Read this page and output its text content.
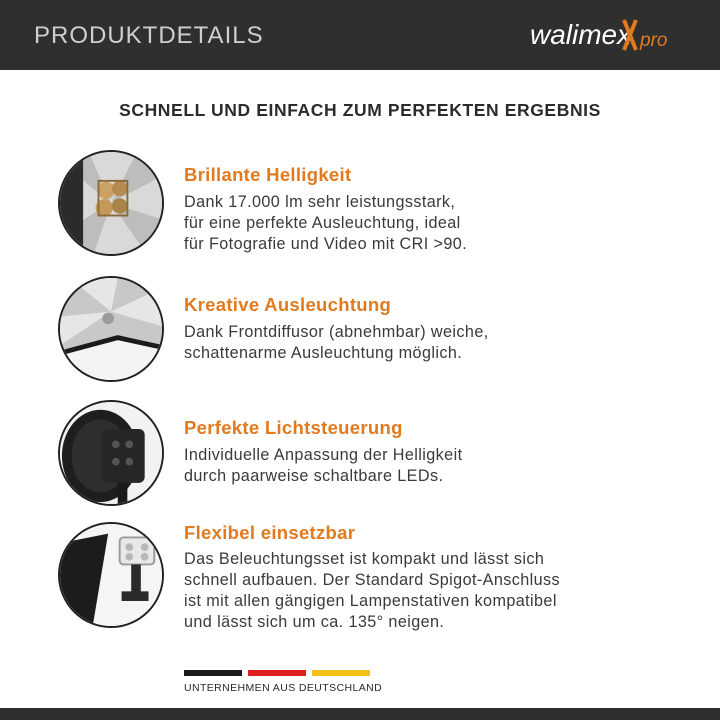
PRODUKTDETAILS	walimex pro
SCHNELL UND EINFACH ZUM PERFEKTEN ERGEBNIS
Brillante Helligkeit
Dank 17.000 lm sehr leistungsstark,
für eine perfekte Ausleuchtung, ideal
für Fotografie und Video mit CRI >90.
Kreative Ausleuchtung
Dank Frontdiffusor (abnehmbar) weiche,
schattenarme Ausleuchtung möglich.
Perfekte Lichtsteuerung
Individuelle Anpassung der Helligkeit
durch paarweise schaltbare LEDs.
Flexibel einsetzbar
Das Beleuchtungsset ist kompakt und lässt sich
schnell aufbauen. Der Standard Spigot-Anschluss
ist mit allen gängigen Lampenstativen kompatibel
und lässt sich um ca. 135° neigen.
UNTERNEHMEN AUS DEUTSCHLAND
